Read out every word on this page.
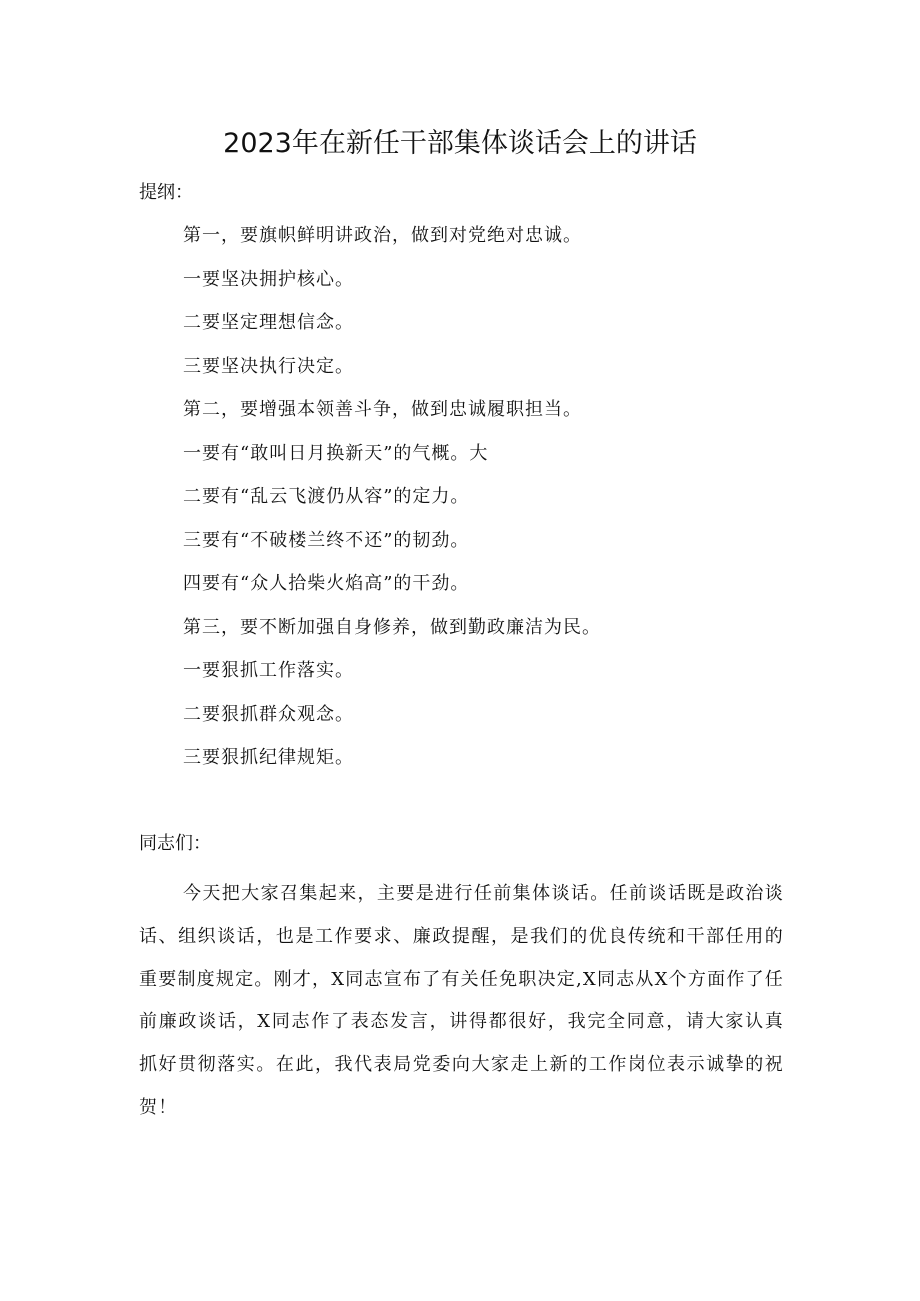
2023年在新任干部集体谈话会上的讲话
提纲：
第一，要旗帜鲜明讲政治，做到对党绝对忠诚。
一要坚决拥护核心。
二要坚定理想信念。
三要坚决执行决定。
第二，要增强本领善斗争，做到忠诚履职担当。
一要有“敢叫日月换新天”的气概。大
二要有“乱云飞渡仍从容”的定力。
三要有“不破楼兰终不还”的韧劲。
四要有“众人拾柴火焰高”的干劲。
第三，要不断加强自身修养，做到勤政廉洁为民。
一要狠抓工作落实。
二要狠抓群众观念。
三要狠抓纪律规矩。
同志们：

今天把大家召集起来，主要是进行任前集体谈话。任前谈话既是政治谈话、组织谈话，也是工作要求、廉政提醒，是我们的优良传统和干部任用的重要制度规定。刚才，X同志宣布了有关任免职决定,X同志从X个方面作了任前廉政谈话，X同志作了表态发言，讲得都很好，我完全同意，请大家认真抓好贯彻落实。在此，我代表局党委向大家走上新的工作岗位表示诚挚的祝贺！
